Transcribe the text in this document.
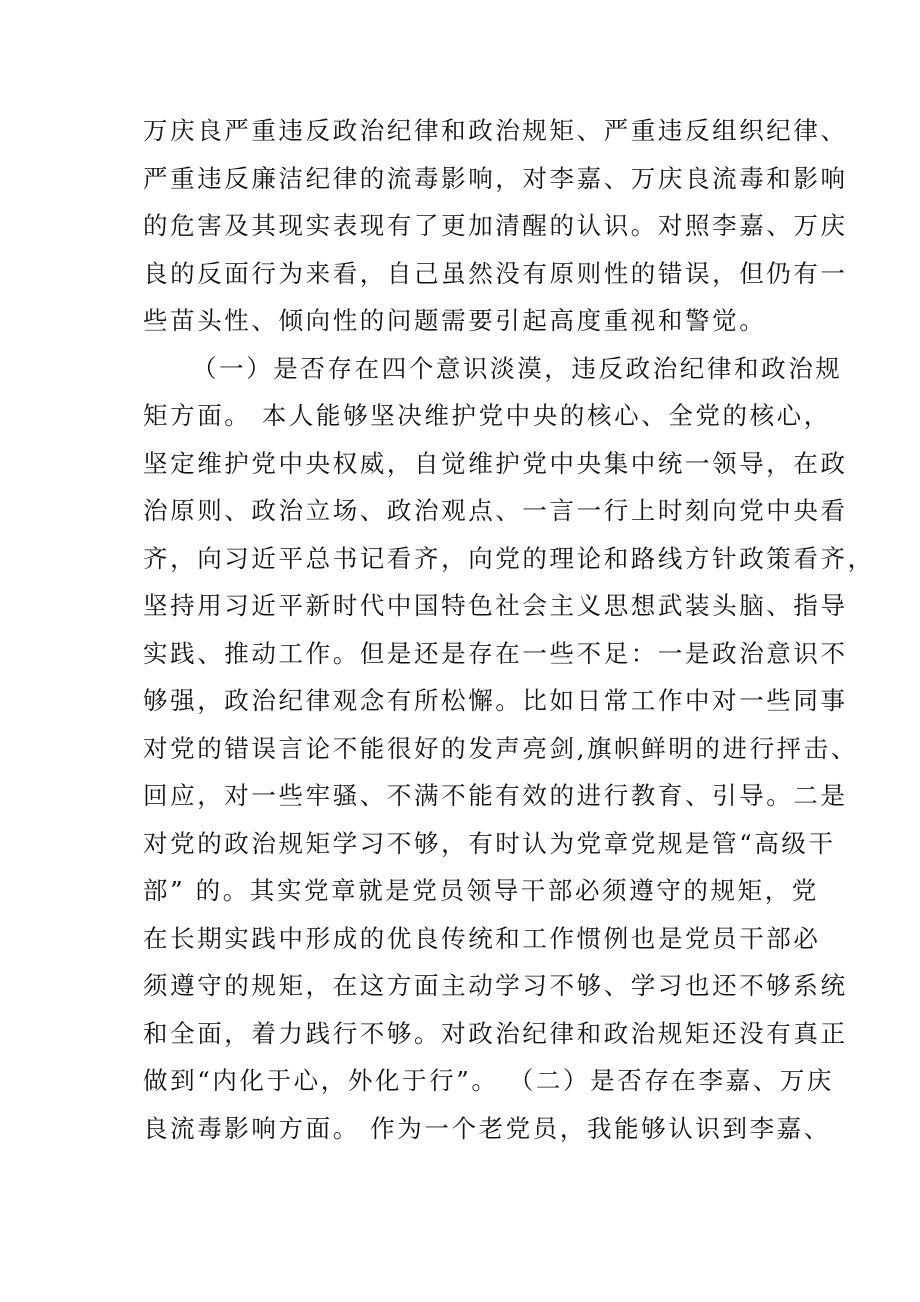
万庆良严重违反政治纪律和政治规矩、严重违反组织纪律、
严重违反廉洁纪律的流毒影响，对李嘉、万庆良流毒和影响
的危害及其现实表现有了更加清醒的认识。对照李嘉、万庆
良的反面行为来看，自己虽然没有原则性的错误，但仍有一
些苗头性、倾向性的问题需要引起高度重视和警觉。
（一）是否存在四个意识淡漠，违反政治纪律和政治规
矩方面。 本人能够坚决维护党中央的核心、全党的核心，
坚定维护党中央权威，自觉维护党中央集中统一领导，在政
治原则、政治立场、政治观点、一言一行上时刻向党中央看
齐，向习近平总书记看齐，向党的理论和路线方针政策看齐，
坚持用习近平新时代中国特色社会主义思想武装头脑、指导
实践、推动工作。但是还是存在一些不足：一是政治意识不
够强，政治纪律观念有所松懈。比如日常工作中对一些同事
对党的错误言论不能很好的发声亮剑,旗帜鲜明的进行抨击、
回应，对一些牢骚、不满不能有效的进行教育、引导。二是
对党的政治规矩学习不够，有时认为党章党规是管“高级干
部” 的。其实党章就是党员领导干部必须遵守的规矩，党
在长期实践中形成的优良传统和工作惯例也是党员干部必
须遵守的规矩，在这方面主动学习不够、学习也还不够系统
和全面，着力践行不够。对政治纪律和政治规矩还没有真正
做到“内化于心，外化于行”。 （二）是否存在李嘉、万庆
良流毒影响方面。 作为一个老党员，我能够认识到李嘉、
